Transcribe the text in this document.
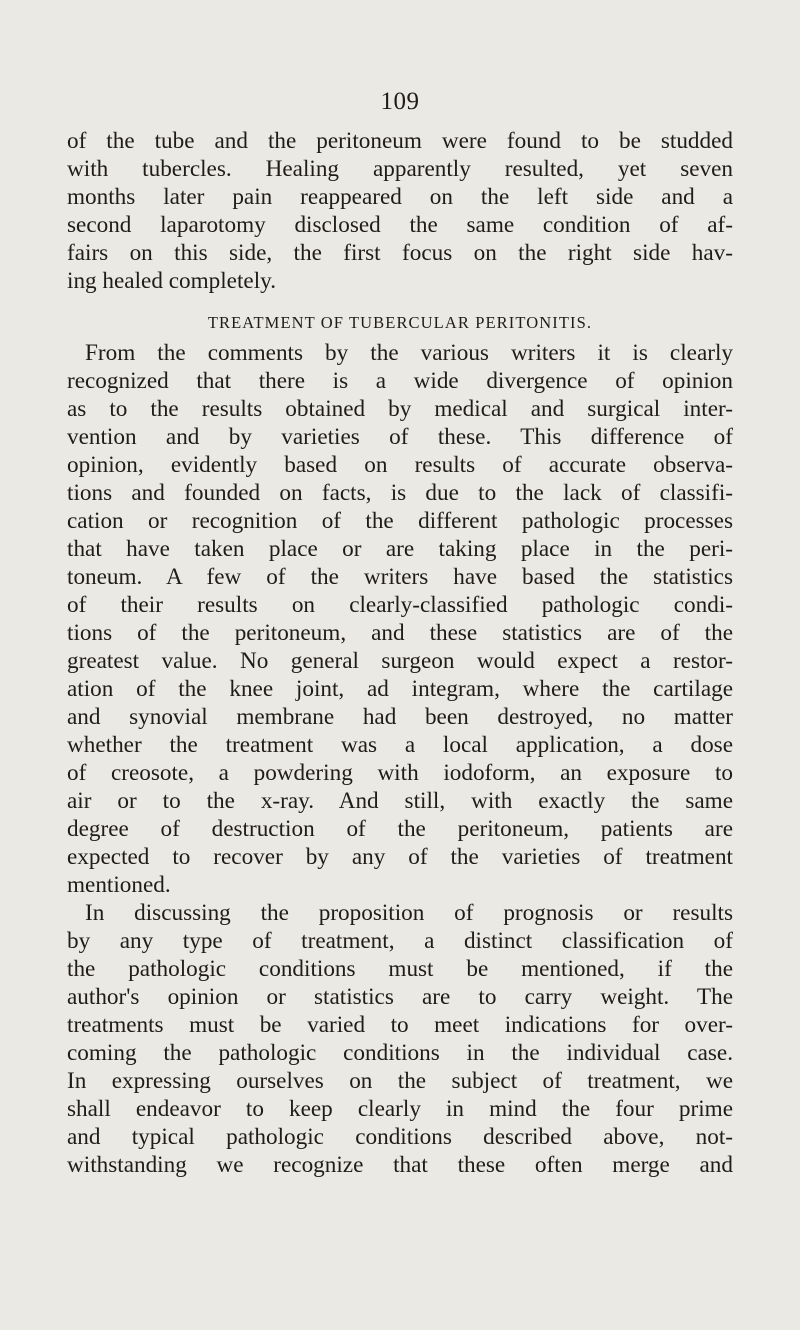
109
of the tube and the peritoneum were found to be studded
with tubercles. Healing apparently resulted, yet seven
months later pain reappeared on the left side and a
second laparotomy disclosed the same condition of af-
fairs on this side, the first focus on the right side hav-
ing healed completely.
TREATMENT OF TUBERCULAR PERITONITIS.
From the comments by the various writers it is clearly
recognized that there is a wide divergence of opinion
as to the results obtained by medical and surgical inter-
vention and by varieties of these. This difference of
opinion, evidently based on results of accurate observa-
tions and founded on facts, is due to the lack of classifi-
cation or recognition of the different pathologic processes
that have taken place or are taking place in the peri-
toneum. A few of the writers have based the statistics
of their results on clearly-classified pathologic condi-
tions of the peritoneum, and these statistics are of the
greatest value. No general surgeon would expect a restor-
ation of the knee joint, ad integram, where the cartilage
and synovial membrane had been destroyed, no matter
whether the treatment was a local application, a dose
of creosote, a powdering with iodoform, an exposure to
air or to the x-ray. And still, with exactly the same
degree of destruction of the peritoneum, patients are
expected to recover by any of the varieties of treatment
mentioned.
In discussing the proposition of prognosis or results
by any type of treatment, a distinct classification of
the pathologic conditions must be mentioned, if the
author's opinion or statistics are to carry weight. The
treatments must be varied to meet indications for over-
coming the pathologic conditions in the individual case.
In expressing ourselves on the subject of treatment, we
shall endeavor to keep clearly in mind the four prime
and typical pathologic conditions described above, not-
withstanding we recognize that these often merge and
